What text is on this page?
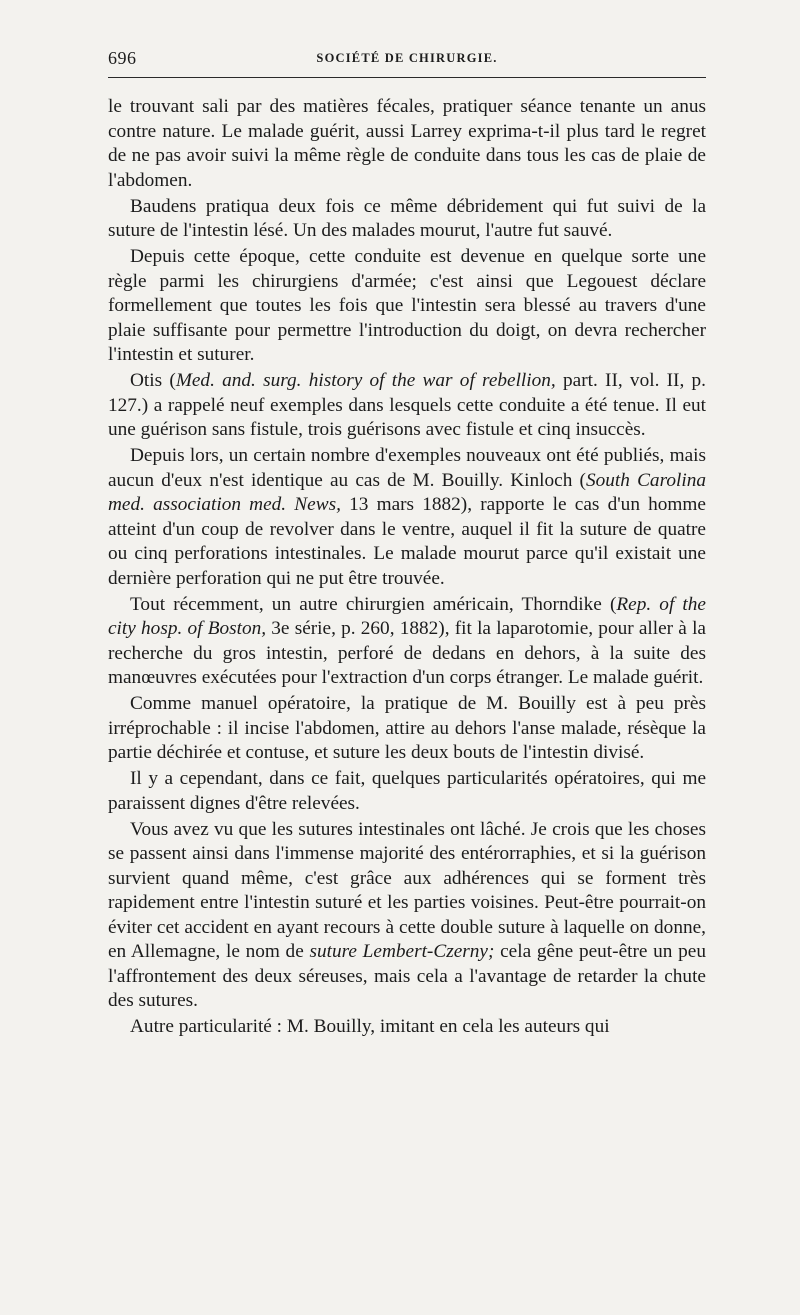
696	SOCIÉTÉ DE CHIRURGIE.

le trouvant sali par des matières fécales, pratiquer séance tenante un anus contre nature. Le malade guérit, aussi Larrey exprima-t-il plus tard le regret de ne pas avoir suivi la même règle de conduite dans tous les cas de plaie de l'abdomen.

Baudens pratiqua deux fois ce même débridement qui fut suivi de la suture de l'intestin lésé. Un des malades mourut, l'autre fut sauvé.

Depuis cette époque, cette conduite est devenue en quelque sorte une règle parmi les chirurgiens d'armée; c'est ainsi que Legouest déclare formellement que toutes les fois que l'intestin sera blessé au travers d'une plaie suffisante pour permettre l'introduction du doigt, on devra rechercher l'intestin et suturer.

Otis (Med. and. surg. history of the war of rebellion, part. II, vol. II, p. 127.) a rappelé neuf exemples dans lesquels cette conduite a été tenue. Il eut une guérison sans fistule, trois guérisons avec fistule et cinq insuccès.

Depuis lors, un certain nombre d'exemples nouveaux ont été publiés, mais aucun d'eux n'est identique au cas de M. Bouilly. Kinloch (South Carolina med. association med. News, 13 mars 1882), rapporte le cas d'un homme atteint d'un coup de revolver dans le ventre, auquel il fit la suture de quatre ou cinq perforations intestinales. Le malade mourut parce qu'il existait une dernière perforation qui ne put être trouvée.

Tout récemment, un autre chirurgien américain, Thorndike (Rep. of the city hosp. of Boston, 3e série, p. 260, 1882), fit la laparotomie, pour aller à la recherche du gros intestin, perforé de dedans en dehors, à la suite des manœuvres exécutées pour l'extraction d'un corps étranger. Le malade guérit.

Comme manuel opératoire, la pratique de M. Bouilly est à peu près irréprochable : il incise l'abdomen, attire au dehors l'anse malade, résèque la partie déchirée et contuse, et suture les deux bouts de l'intestin divisé.

Il y a cependant, dans ce fait, quelques particularités opératoires, qui me paraissent dignes d'être relevées.

Vous avez vu que les sutures intestinales ont lâché. Je crois que les choses se passent ainsi dans l'immense majorité des entérorraphies, et si la guérison survient quand même, c'est grâce aux adhérences qui se forment très rapidement entre l'intestin suturé et les parties voisines. Peut-être pourrait-on éviter cet accident en ayant recours à cette double suture à laquelle on donne, en Allemagne, le nom de suture Lembert-Czerny; cela gêne peut-être un peu l'affrontement des deux séreuses, mais cela a l'avantage de retarder la chute des sutures.

Autre particularité : M. Bouilly, imitant en cela les auteurs qui
